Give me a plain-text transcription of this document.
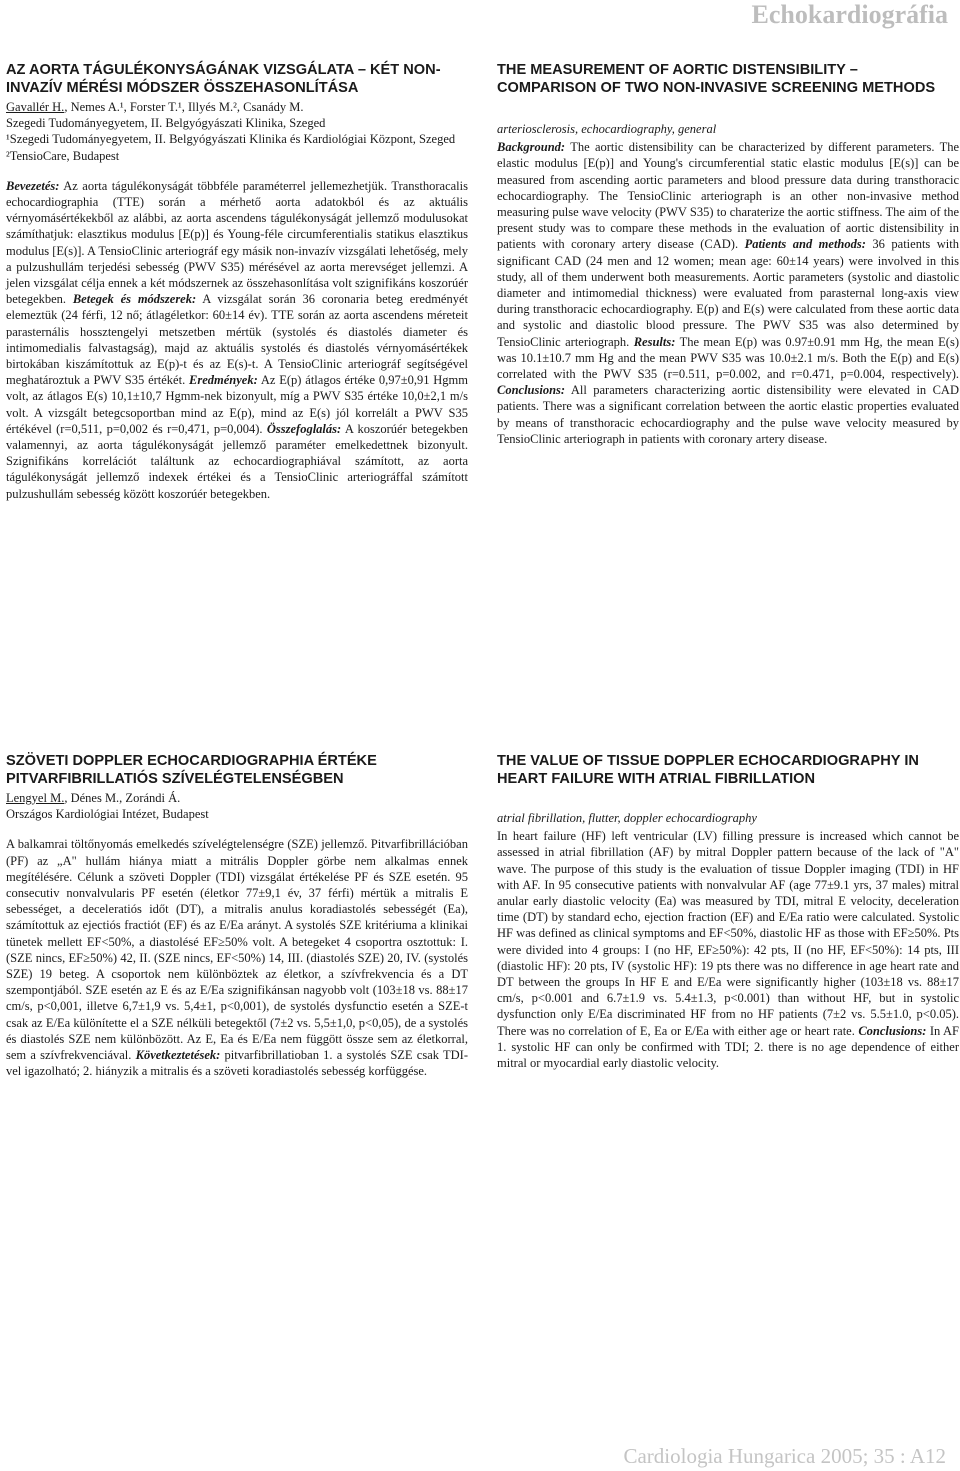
Echokardiográfia
AZ AORTA TÁGULÉKONYSÁGÁNAK VIZSGÁLATA – KÉT NON-INVAZÍV MÉRÉSI MÓDSZER ÖSSZEHASONLÍTÁSA

Gavallér H., Nemes A.¹, Forster T.¹, Illyés M.², Csanády M.

Szegedi Tudományegyetem, II. Belgyógyászati Klinika, Szeged

¹Szegedi Tudományegyetem, II. Belgyógyászati Klinika és Kardiológiai Központ, Szeged

²TensioCare, Budapest

Bevezetés: Az aorta tágulékonyságát többféle paraméterrel jellemezhetjük. Transthoracalis echocardiographia (TTE) során a mérhető aorta adatokból és az aktuális vérnyomásértékekből az alábbi, az aorta ascendens tágulékonyságát jellemző modulusokat számíthatjuk: elasztikus modulus [E(p)] és Young-féle circumferentialis statikus elasztikus modulus [E(s)]. A TensioClinic arteriográf egy másik non-invazív vizsgálati lehetőség, mely a pulzushullám terjedési sebesség (PWV S35) mérésével az aorta merevséget jellemzi. A jelen vizsgálat célja ennek a két módszernek az összehasonlítása volt szignifikáns koszorúér betegekben. Betegek és módszerek: A vizsgálat során 36 coronaria beteg eredményét elemeztük (24 férfi, 12 nő; átlagéletkor: 60±14 év). TTE során az aorta ascendens méreteit parasternális hossztengelyi metszetben mértük (systolés és diastolés diameter és intimomedialis falvastagság), majd az aktuális systolés és diastolés vérnyomásértékek birtokában kiszámítottuk az E(p)-t és az E(s)-t. A TensioClinic arteriográf segítségével meghatároztuk a PWV S35 értékét. Eredmények: Az E(p) átlagos értéke 0,97±0,91 Hgmm volt, az átlagos E(s) 10,1±10,7 Hgmm-nek bizonyult, míg a PWV S35 értéke 10,0±2,1 m/s volt. A vizsgált betegcsoportban mind az E(p), mind az E(s) jól korrelált a PWV S35 értékével (r=0,511, p=0,002 és r=0,471, p=0,004). Összefoglalás: A koszorúér betegekben valamennyi, az aorta tágulékonyságát jellemző paraméter emelkedettnek bizonyult. Szignifikáns korrelációt találtunk az echocardiographiával számított, az aorta tágulékonyságát jellemző indexek értékei és a TensioClinic arteriográffal számított pulzushullám sebesség között koszorúér betegekben.

THE MEASUREMENT OF AORTIC DISTENSIBILITY – COMPARISON OF TWO NON-INVASIVE SCREENING METHODS

arteriosclerosis, echocardiography, general

Background: The aortic distensibility can be characterized by different parameters. The elastic modulus [E(p)] and Young's circumferential static elastic modulus [E(s)] can be measured from ascending aortic parameters and blood pressure data during transthoracic echocardiography. The TensioClinic arteriograph is an other non-invasive method measuring pulse wave velocity (PWV S35) to charaterize the aortic stiffness. The aim of the present study was to compare these methods in the evaluation of aortic distensibility in patients with coronary artery disease (CAD). Patients and methods: 36 patients with significant CAD (24 men and 12 women; mean age: 60±14 years) were involved in this study, all of them underwent both measurements. Aortic parameters (systolic and diastolic diameter and intimomedial thickness) were evaluated from parasternal long-axis view during transthoracic echocardiography. E(p) and E(s) were calculated from these aortic data and systolic and diastolic blood pressure. The PWV S35 was also determined by TensioClinic arteriograph. Results: The mean E(p) was 0.97±0.91 mm Hg, the mean E(s) was 10.1±10.7 mm Hg and the mean PWV S35 was 10.0±2.1 m/s. Both the E(p) and E(s) correlated with the PWV S35 (r=0.511, p=0.002, and r=0.471, p=0.004, respectively). Conclusions: All parameters characterizing aortic distensibility were elevated in CAD patients. There was a significant correlation between the aortic elastic properties evaluated by means of transthoracic echocardiography and the pulse wave velocity measured by TensioClinic arteriograph in patients with coronary artery disease.

SZÖVETI DOPPLER ECHOCARDIOGRAPHIA ÉRTÉKE PITVARFIBRILLATIÓS SZÍVELÉGTELENSÉGBEN

Lengyel M., Dénes M., Zorándi Á.

Országos Kardiológiai Intézet, Budapest

A balkamrai töltőnyomás emelkedés szívelégtelenségre (SZE) jellemző. Pitvarfibrillációban (PF) az „A" hullám hiánya miatt a mitrális Doppler görbe nem alkalmas ennek megítélésére. Célunk a szöveti Doppler (TDI) vizsgálat értékelése PF és SZE esetén. 95 consecutiv nonvalvularis PF esetén (életkor 77±9,1 év, 37 férfi) mértük a mitralis E sebességet, a deceleratiós időt (DT), a mitralis anulus koradiastolés sebességét (Ea), számítottuk az ejectiós fractiót (EF) és az E/Ea arányt. A systolés SZE kritériuma a klinikai tünetek mellett EF<50%, a diastolésé EF≥50% volt. A betegeket 4 csoportra osztottuk: I. (SZE nincs, EF≥50%) 42, II. (SZE nincs, EF<50%) 14, III. (diastolés SZE) 20, IV. (systolés SZE) 19 beteg. A csoportok nem különböztek az életkor, a szívfrekvencia és a DT szempontjából. SZE esetén az E és az E/Ea szignifikánsan nagyobb volt (103±18 vs. 88±17 cm/s, p<0,001, illetve 6,7±1,9 vs. 5,4±1, p<0,001), de systolés dysfunctio esetén a SZE-t csak az E/Ea különítette el a SZE nélküli betegektől (7±2 vs. 5,5±1,0, p<0,05), de a systolés és diastolés SZE nem különbözött. Az E, Ea és E/Ea nem függött össze sem az életkorral, sem a szívfrekvenciával. Következtetések: pitvarfibrillatioban 1. a systolés SZE csak TDI-vel igazolható; 2. hiányzik a mitralis és a szöveti koradiastolés sebesség korfüggése.

THE VALUE OF TISSUE DOPPLER ECHOCARDIOGRAPHY IN HEART FAILURE WITH ATRIAL FIBRILLATION

atrial fibrillation, flutter, doppler echocardiography

In heart failure (HF) left ventricular (LV) filling pressure is increased which cannot be assessed in atrial fibrillation (AF) by mitral Doppler pattern because of the lack of "A" wave. The purpose of this study is the evaluation of tissue Doppler imaging (TDI) in HF with AF. In 95 consecutive patients with nonvalvular AF (age 77±9.1 yrs, 37 males) mitral anular early diastolic velocity (Ea) was measured by TDI, mitral E velocity, deceleration time (DT) by standard echo, ejection fraction (EF) and E/Ea ratio were calculated. Systolic HF was defined as clinical symptoms and EF<50%, diastolic HF as those with EF≥50%. Pts were divided into 4 groups: I (no HF, EF≥50%): 42 pts, II (no HF, EF<50%): 14 pts, III (diastolic HF): 20 pts, IV (systolic HF): 19 pts there was no difference in age heart rate and DT between the groups In HF E and E/Ea were significantly higher (103±18 vs. 88±17 cm/s, p<0.001 and 6.7±1.9 vs. 5.4±1.3, p<0.001) than without HF, but in systolic dysfunction only E/Ea discriminated HF from no HF patients (7±2 vs. 5.5±1.0, p<0.05). There was no correlation of E, Ea or E/Ea with either age or heart rate. Conclusions: In AF 1. systolic HF can only be confirmed with TDI; 2. there is no age dependence of either mitral or myocardial early diastolic velocity.

Cardiologia Hungarica 2005; 35 : A12
